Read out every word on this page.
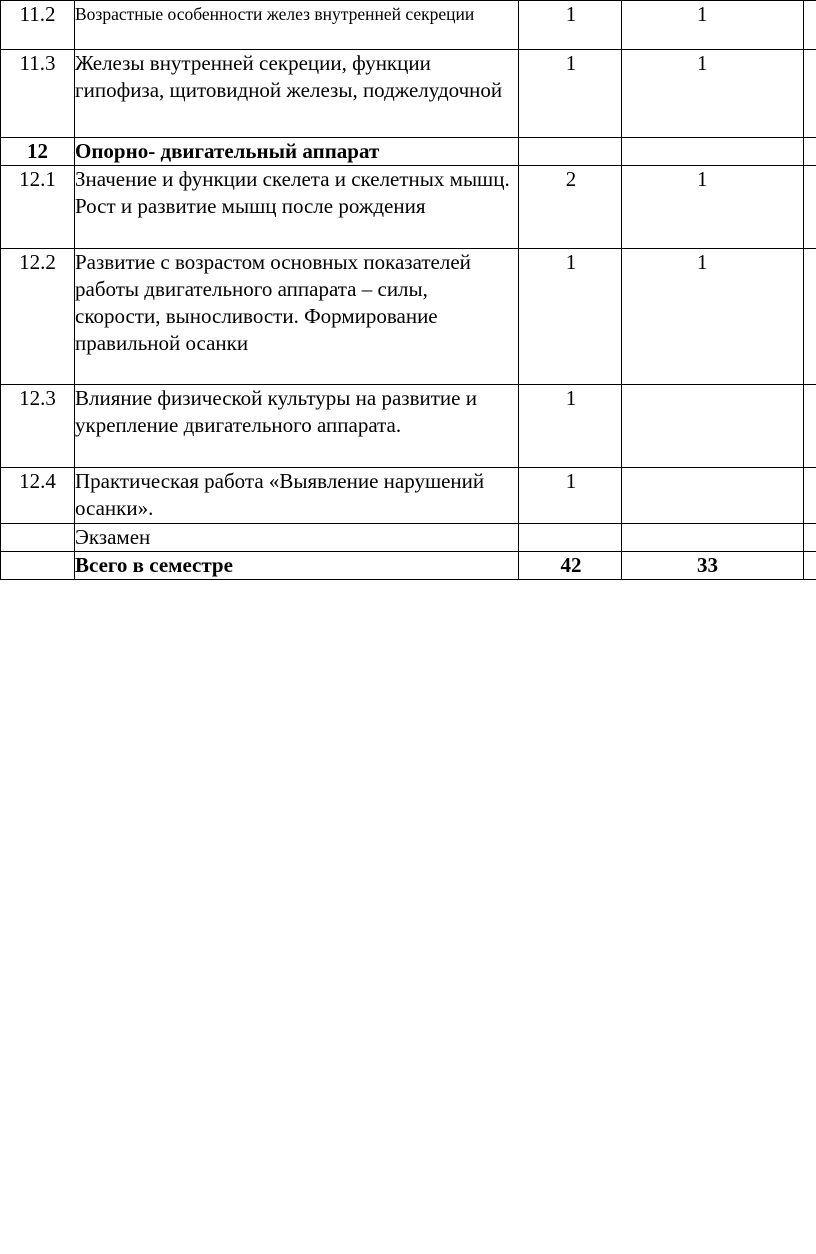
11.2	Возрастные особенности желез внутренней секреции	1	1	

11.3	Железы внутренней секреции, функции гипофиза, щитовидной железы, поджелудочной	1	1	

12	Опорно- двигательный аппарат	

12.1	Значение и функции скелета и скелетных мышц. Рост и развитие мышц после рождения	2	1	

12.2	Развитие с возрастом основных показателей работы двигательного аппарата – силы, скорости, выносливости. Формирование правильной осанки	1	1	

12.3	Влияние физической культуры на развитие и укрепление двигательного аппарата.	1		

12.4	Практическая работа «Выявление нарушений осанки».	1		

	Экзамен	

	Всего в семестре	42	33	
